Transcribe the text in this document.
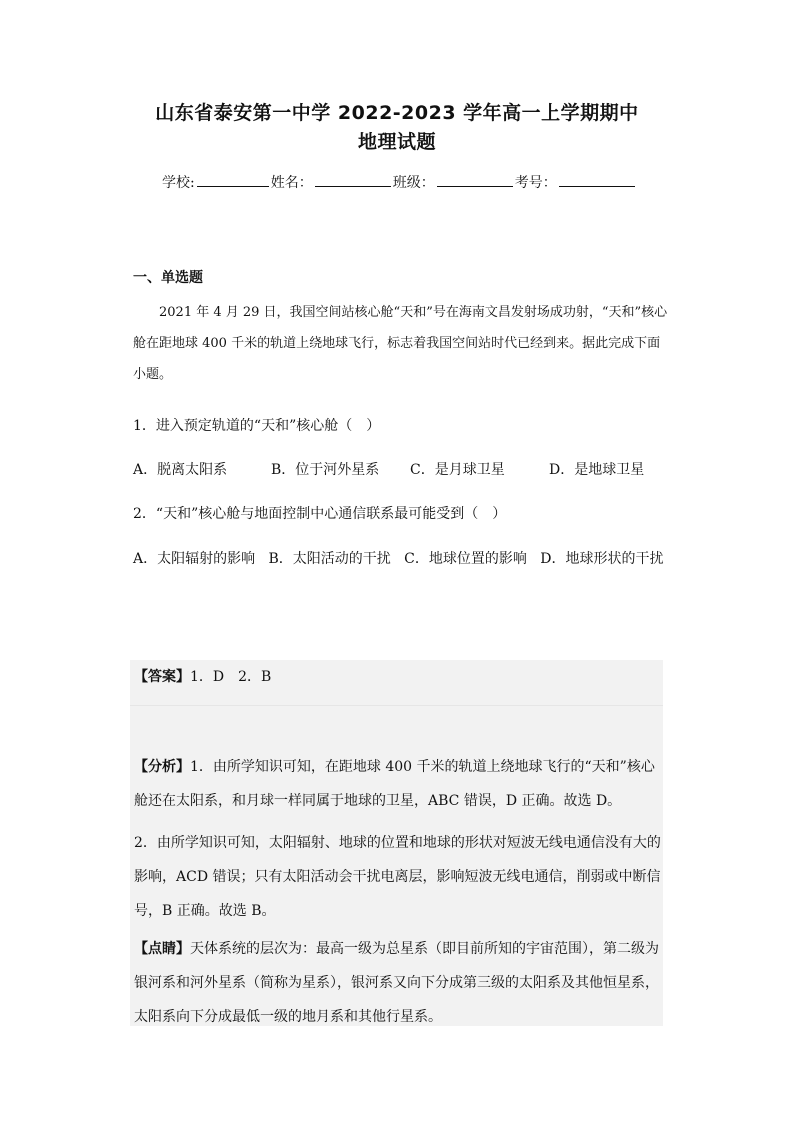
山东省泰安第一中学 2022-2023 学年高一上学期期中
地理试题
学校:	姓名：	班级：	考号：
一、单选题
2021 年 4 月 29 日，我国空间站核心舱“天和”号在海南文昌发射场成功射，“天和”核心舱在距地球 400 千米的轨道上绕地球飞行，标志着我国空间站时代已经到来。据此完成下面小题。
1．进入预定轨道的“天和”核心舱（　）
A．脱离太阳系	B．位于河外星系 C．是月球卫星	D．是地球卫星
2．“天和”核心舱与地面控制中心通信联系最可能受到（　）
A．太阳辐射的影响 B．太阳活动的干扰 C．地球位置的影响 D．地球形状的干扰
【答案】1．D　2．B
【分析】1．由所学知识可知，在距地球 400 千米的轨道上绕地球飞行的“天和”核心舱还在太阳系，和月球一样同属于地球的卫星，ABC 错误，D 正确。故选 D。
2．由所学知识可知，太阳辐射、地球的位置和地球的形状对短波无线电通信没有大的影响，ACD 错误；只有太阳活动会干扰电离层，影响短波无线电通信，削弱或中断信号，B 正确。故选 B。
【点睛】天体系统的层次为：最高一级为总星系（即目前所知的宇宙范围），第二级为银河系和河外星系（简称为星系），银河系又向下分成第三级的太阳系及其他恒星系，太阳系向下分成最低一级的地月系和其他行星系。
